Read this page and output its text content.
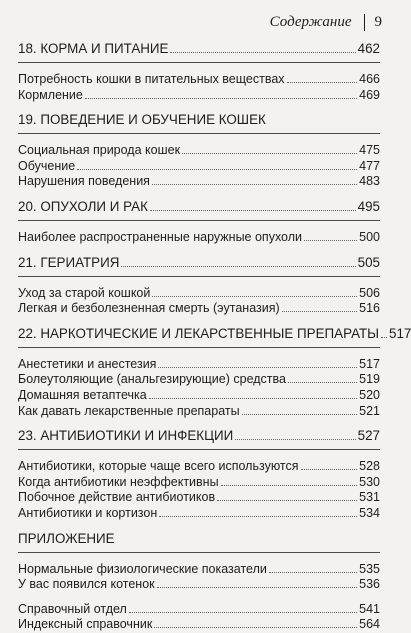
Содержание 9
18. КОРМА И ПИТАНИЕ	462
Потребность кошки в питательных веществах	466
Кормление	469
19. ПОВЕДЕНИЕ И ОБУЧЕНИЕ КОШЕК
Социальная природа кошек	475
Обучение	477
Нарушения поведения	483
20. ОПУХОЛИ И РАК	495
Наиболее распространенные наружные опухоли	500
21. ГЕРИАТРИЯ	505
Уход за старой кошкой	506
Легкая и безболезненная смерть (эутаназия)	516
22. НАРКОТИЧЕСКИЕ И ЛЕКАРСТВЕННЫЕ ПРЕПАРАТЫ 517
Анестетики и анестезия	517
Болеутоляющие (анальгезирующие) средства	519
Домашняя ветаптечка	520
Как давать лекарственные препараты	521
23. АНТИБИОТИКИ И ИНФЕКЦИИ	527
Антибиотики, которые чаще всего используются	528
Когда антибиотики неэффективны	530
Побочное действие антибиотиков	531
Антибиотики и кортизон	534
ПРИЛОЖЕНИЕ
Нормальные физиологические показатели	535
У вас появился котенок	536
Справочный отдел	541
Индексный справочник	564
